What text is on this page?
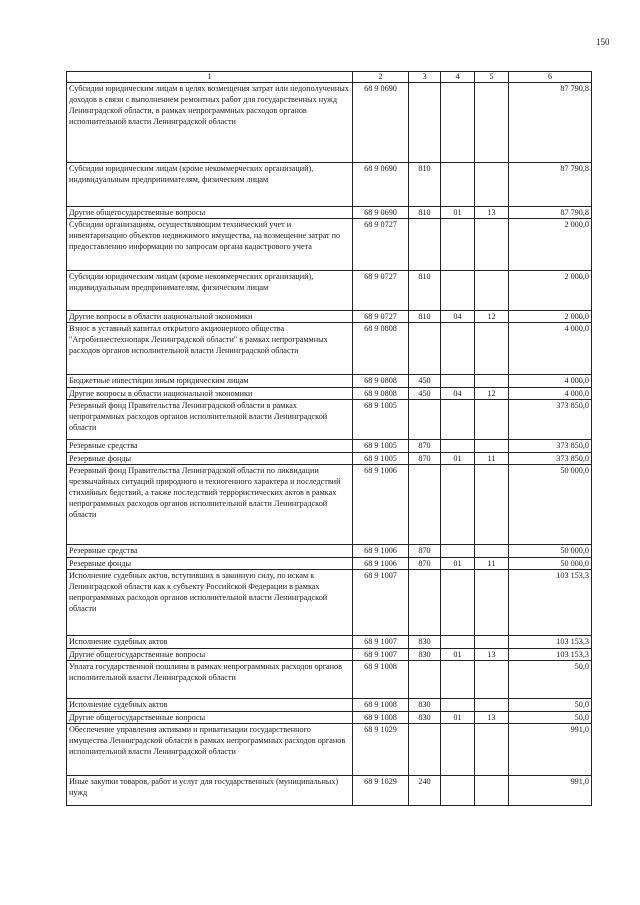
150
1	2	3	4	5	6
Субсидии юридическим лицам в целях возмещения затрат или недополученных доходов в связи с выполнением ремонтных работ для государственных нужд Ленинградской области, в рамках непрограммных расходов органов исполнительной власти Ленинградской области	68 9 0690				87 790,8
Субсидии юридическим лицам (кроме некоммерческих организаций), индивидуальным предпринимателям, физическим лицам	68 9 0690	810			87 790,8
Другие общегосударственные вопросы	68 9 0690	810	01	13	87 790,8
Субсидии организациям, осуществляющим технический учет и инвентаризацию объектов недвижимого имущества, на возмещение затрат по предоставлению информации по запросам органа кадастрового учета	68 9 0727				2 000,0
Субсидии юридическим лицам (кроме некоммерческих организаций), индивидуальным предпринимателям, физическим лицам	68 9 0727	810			2 000,0
Другие вопросы в области национальной экономики	68 9 0727	810	04	12	2 000,0
Взнос в уставный капитал открытого акционерного общества "Агробизнестехнопарк Ленинградской области" в рамках непрограммных расходов органов исполнительной власти Ленинградской области	68 9 0808				4 000,0
Бюджетные инвестиции иным юридическим лицам	68 9 0808	450			4 000,0
Другие вопросы в области национальной экономики	68 9 0808	450	04	12	4 000,0
Резервный фонд Правительства Ленинградской области в рамках непрограммных расходов органов исполнительной власти Ленинградской области	68 9 1005				373 850,0
Резервные средства	68 9 1005	870			373 850,0
Резервные фонды	68 9 1005	870	01	11	373 850,0
Резервный фонд Правительства Ленинградской области по ликвидации чрезвычайных ситуаций природного и техногенного характера и последствий стихийных бедствий, а также последствий террористических актов в рамках непрограммных расходов органов исполнительной власти Ленинградской области	68 9 1006				50 000,0
Резервные средства	68 9 1006	870			50 000,0
Резервные фонды	68 9 1006	870	01	11	50 000,0
Исполнение судебных актов, вступивших в законную силу, по искам к Ленинградской области как к субъекту Российской Федерации в рамках непрограммных расходов органов исполнительной власти Ленинградской области	68 9 1007				103 153,3
Исполнение судебных актов	68 9 1007	830			103 153,3
Другие общегосударственные вопросы	68 9 1007	830	01	13	103 153,3
Уплата государственной пошлины в рамках непрограммных расходов органов исполнительной власти Ленинградской области	68 9 1008				50,0
Исполнение судебных актов	68 9 1008	830			50,0
Другие общегосударственные вопросы	68 9 1008	830	01	13	50,0
Обеспечение управления активами и приватизации государственного имущества Ленинградской области в рамках непрограммных расходов органов исполнительной власти Ленинградской области	68 9 1029				991,0
Иные закупки товаров, работ и услуг для государственных (муниципальных) нужд	68 9 1029	240			991,0
